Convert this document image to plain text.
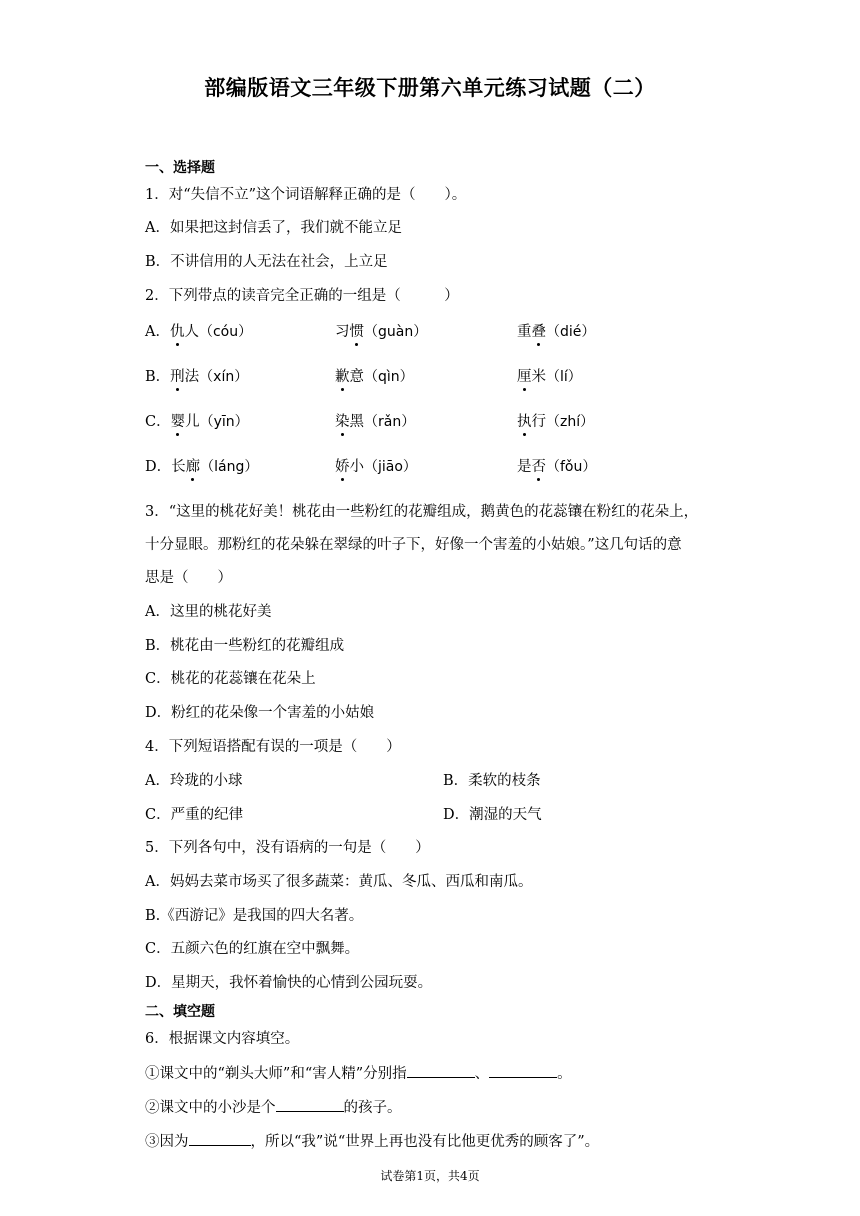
部编版语文三年级下册第六单元练习试题（二）
一、选择题
1．对“失信不立”这个词语解释正确的是（　　）。
A．如果把这封信丢了，我们就不能立足
B．不讲信用的人无法在社会，上立足
2．下列带点的读音完全正确的一组是（　　　）
A．仇人（cóu）	习惯（guàn）	重叠（dié）
B．刑法（xín）	歉意（qìn）	厘米（lí）
C．婴儿（yīn）	染黑（rǎn）	执行（zhí）
D．长廊（láng）	娇小（jiāo）	是否（fǒu）
3．“这里的桃花好美！桃花由一些粉红的花瓣组成，鹅黄色的花蕊镶在粉红的花朵上，
十分显眼。那粉红的花朵躲在翠绿的叶子下，好像一个害羞的小姑娘。”这几句话的意
思是（　　）
A．这里的桃花好美
B．桃花由一些粉红的花瓣组成
C．桃花的花蕊镶在花朵上
D．粉红的花朵像一个害羞的小姑娘
4．下列短语搭配有误的一项是（　　）
A．玲珑的小球	B．柔软的枝条
C．严重的纪律	D．潮湿的天气
5．下列各句中，没有语病的一句是（　　）
A．妈妈去菜市场买了很多蔬菜：黄瓜、冬瓜、西瓜和南瓜。
B.《西游记》是我国的四大名著。
C．五颜六色的红旗在空中飘舞。
D．星期天，我怀着愉快的心情到公园玩耍。
二、填空题
6．根据课文内容填空。
①课文中的“剃头大师”和“害人精”分别指	、	。
②课文中的小沙是个	的孩子。
③因为	，所以“我”说“世界上再也没有比他更优秀的顾客了”。
试卷第1页，共4页
